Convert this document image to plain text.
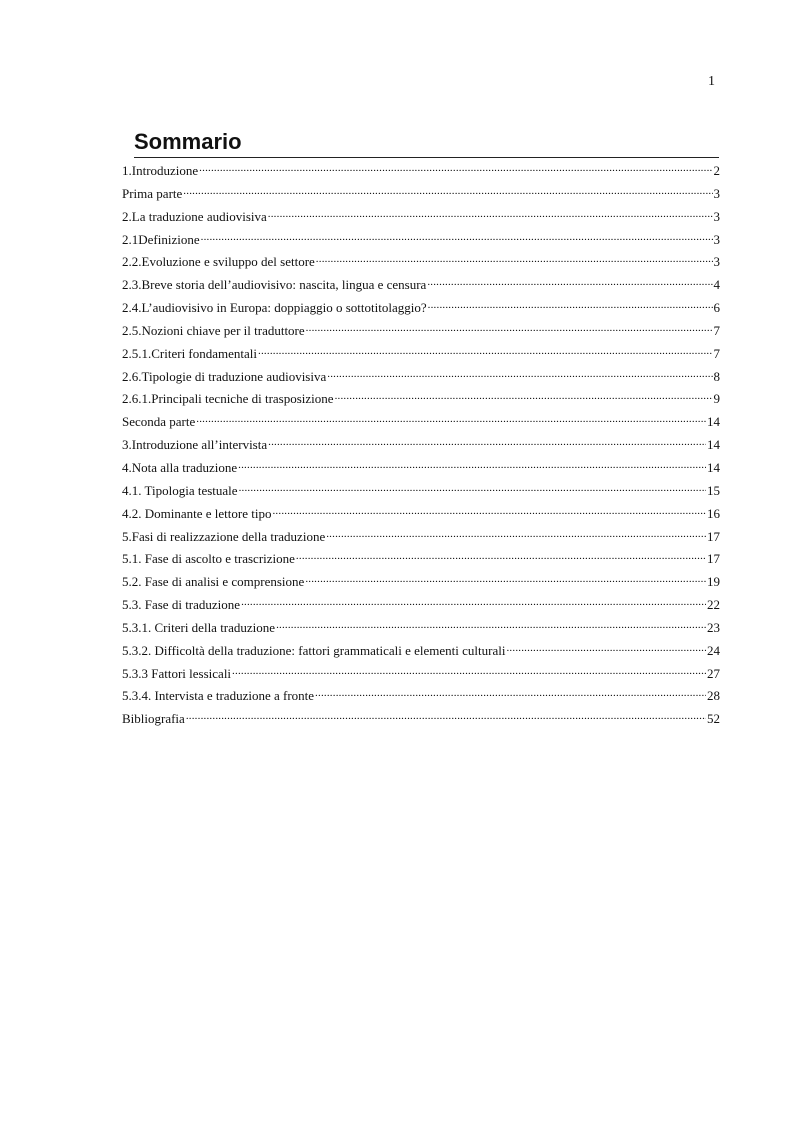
1
Sommario
1.Introduzione .....	2
Prima parte .....	3
2.La traduzione audiovisiva .....	3
2.1Definizione .....	3
2.2.Evoluzione e sviluppo del settore .....	3
2.3.Breve storia dell’audiovisivo: nascita, lingua e censura .....	4
2.4.L’audiovisivo in Europa: doppiaggio o sottotitolaggio? .....	6
2.5.Nozioni chiave per il traduttore .....	7
2.5.1.Criteri fondamentali .....	7
2.6.Tipologie di traduzione audiovisiva .....	8
2.6.1.Principali tecniche di trasposizione .....	9
Seconda parte .....	14
3.Introduzione all’intervista .....	14
4.Nota alla traduzione .....	14
4.1. Tipologia testuale .....	15
4.2. Dominante e lettore tipo .....	16
5.Fasi di realizzazione della traduzione .....	17
5.1. Fase di ascolto e trascrizione .....	17
5.2. Fase di analisi e comprensione .....	19
5.3. Fase di traduzione .....	22
5.3.1. Criteri della traduzione .....	23
5.3.2. Difficoltà della traduzione: fattori grammaticali e elementi culturali .....	24
5.3.3 Fattori lessicali .....	27
5.3.4. Intervista e traduzione a fronte .....	28
Bibliografia .....	52
